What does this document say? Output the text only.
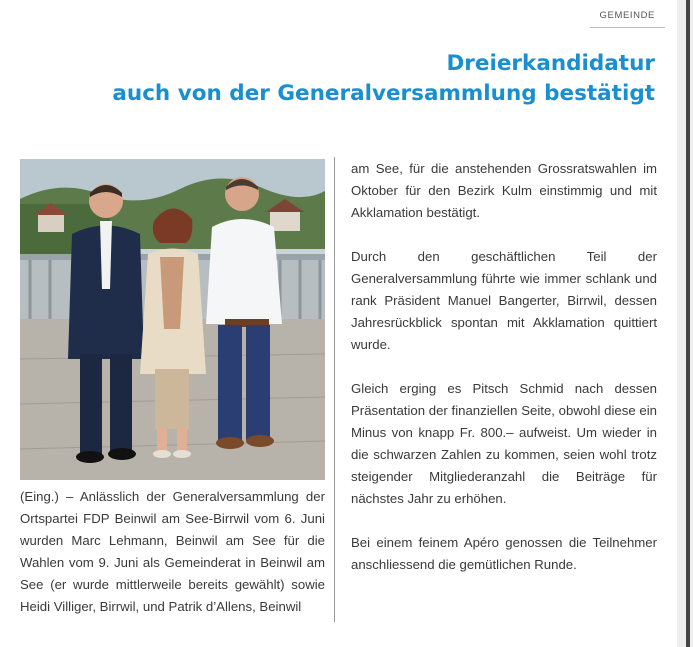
GEMEINDE
Dreierkandidatur
auch von der Generalversammlung bestätigt
(Eing.) – Anlässlich der Generalversammlung der Ortspartei FDP Beinwil am See-Birrwil vom 6. Juni wurden Marc Lehmann, Beinwil am See für die Wahlen vom 9. Juni als Gemeinderat in Beinwil am See (er wurde mittlerweile bereits gewählt) sowie Heidi Villiger, Birrwil, und Patrik d’Allens, Beinwil

am See, für die anstehenden Grossratswahlen im Oktober für den Bezirk Kulm einstimmig und mit Akklamation bestätigt.

Durch den geschäftlichen Teil der Generalversammlung führte wie immer schlank und rank Präsident Manuel Bangerter, Birrwil, dessen Jahresrückblick spontan mit Akklamation quittiert wurde.

Gleich erging es Pitsch Schmid nach dessen Präsentation der finanziellen Seite, obwohl diese ein Minus von knapp Fr. 800.– aufweist. Um wieder in die schwarzen Zahlen zu kommen, seien wohl trotz steigender Mitgliederanzahl die Beiträge für nächstes Jahr zu erhöhen.

Bei einem feinem Apéro genossen die Teilnehmer anschliessend die gemütlichen Runde.
